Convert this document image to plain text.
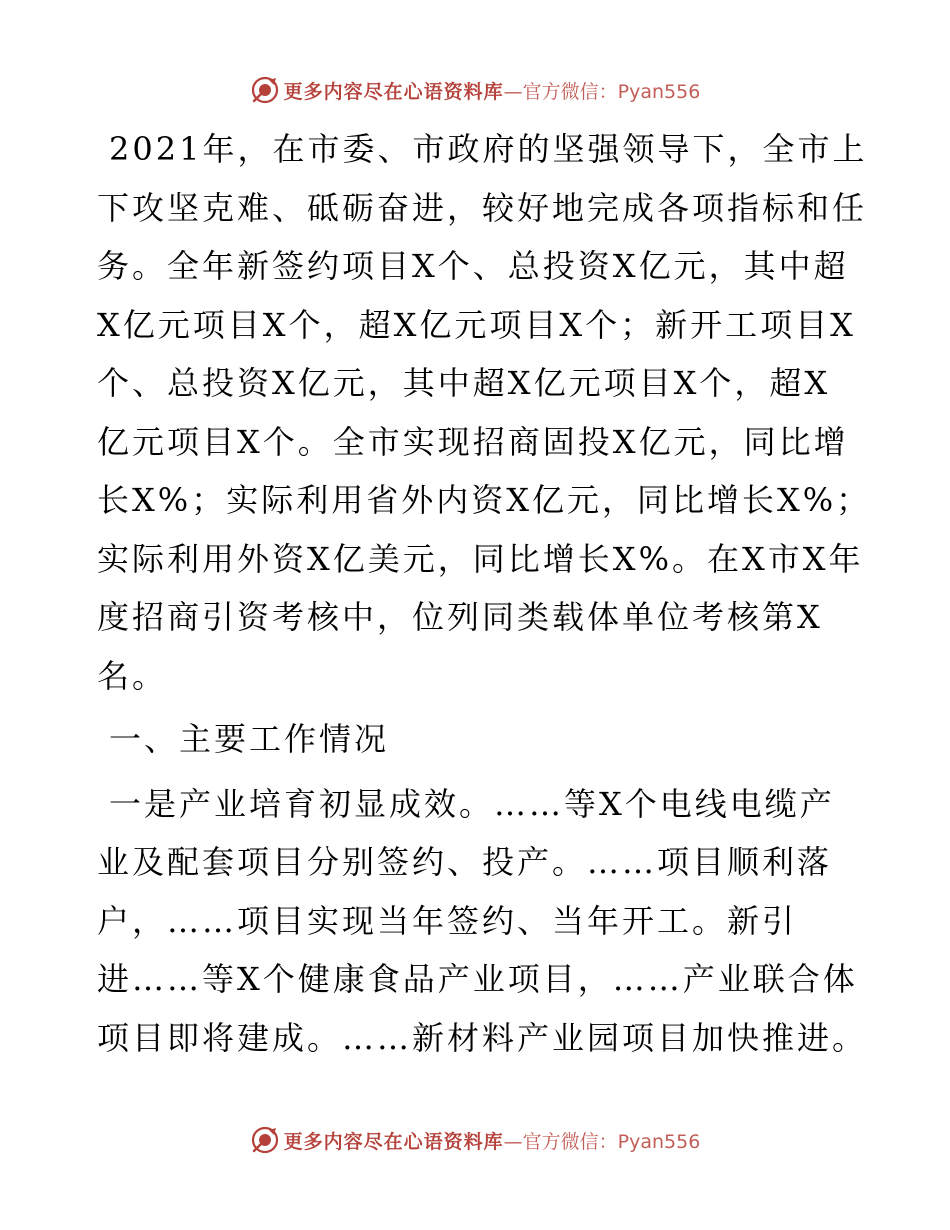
更多内容尽在心语资料库 —官方微信：Pyan556

2021年，在市委、市政府的坚强领导下，全市上
下攻坚克难、砥砺奋进，较好地完成各项指标和任
务。全年新签约项目X个、总投资X亿元，其中超
X亿元项目X个，超X亿元项目X个；新开工项目X
个、总投资X亿元，其中超X亿元项目X个，超X
亿元项目X个。全市实现招商固投X亿元，同比增
长X%；实际利用省外内资X亿元，同比增长X%；
实际利用外资X亿美元，同比增长X%。在X市X年
度招商引资考核中，位列同类载体单位考核第X
名。

一、主要工作情况

一是产业培育初显成效。……等X个电线电缆产
业及配套项目分别签约、投产。……项目顺利落
户，……项目实现当年签约、当年开工。新引
进……等X个健康食品产业项目，……产业联合体
项目即将建成。……新材料产业园项目加快推进。

更多内容尽在心语资料库 —官方微信：Pyan556
